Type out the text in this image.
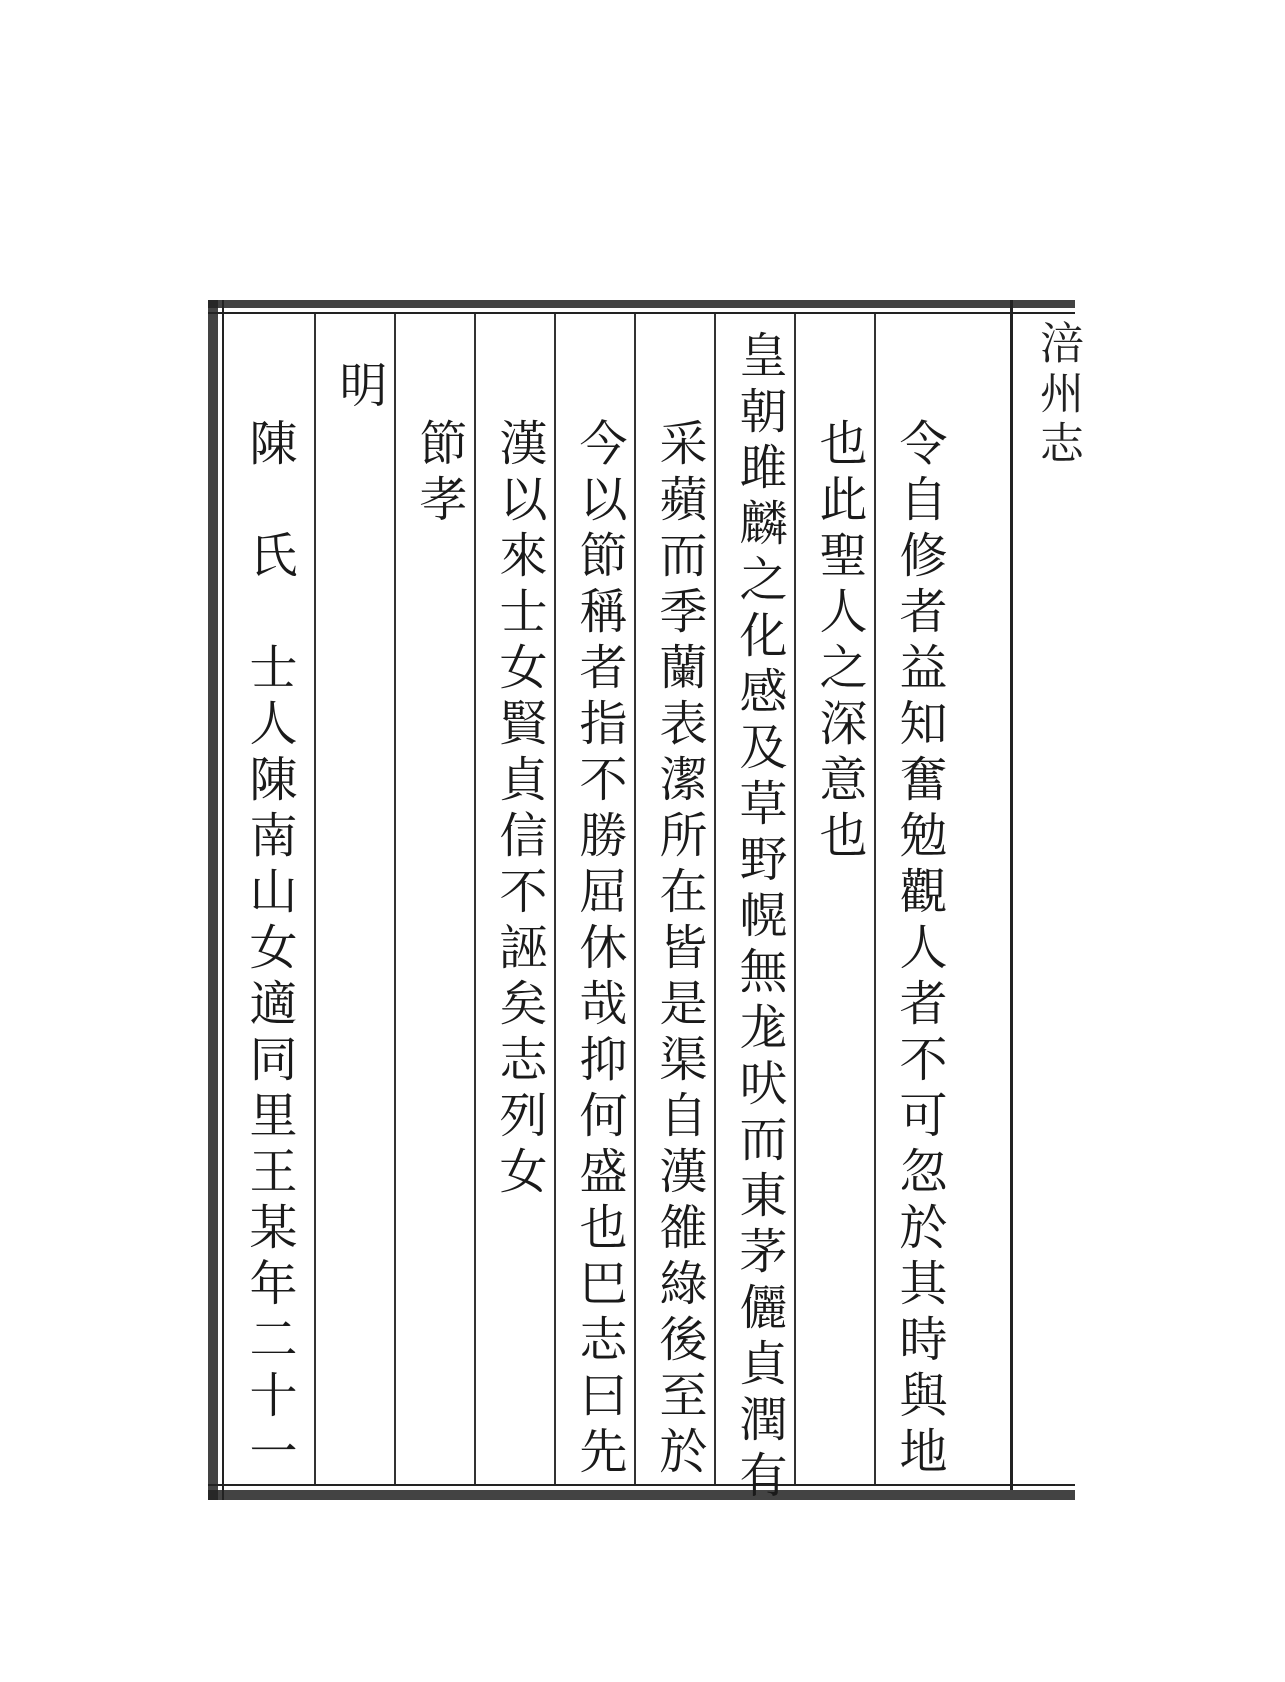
涪州志
令自修者益知奮勉觀人者不可忽於其時與地
也此聖人之深意也
皇朝雎麟之化感及草野幌無尨吠而東茅儷貞潤有
采蘋而季蘭表潔所在皆是渠自漢雒綠後至於
今以節稱者指不勝屈休哉抑何盛也巴志曰先
漢以來士女賢貞信不誣矣志列女
節孝
明
陳　氏　士人陳南山女適同里王某年二十一
